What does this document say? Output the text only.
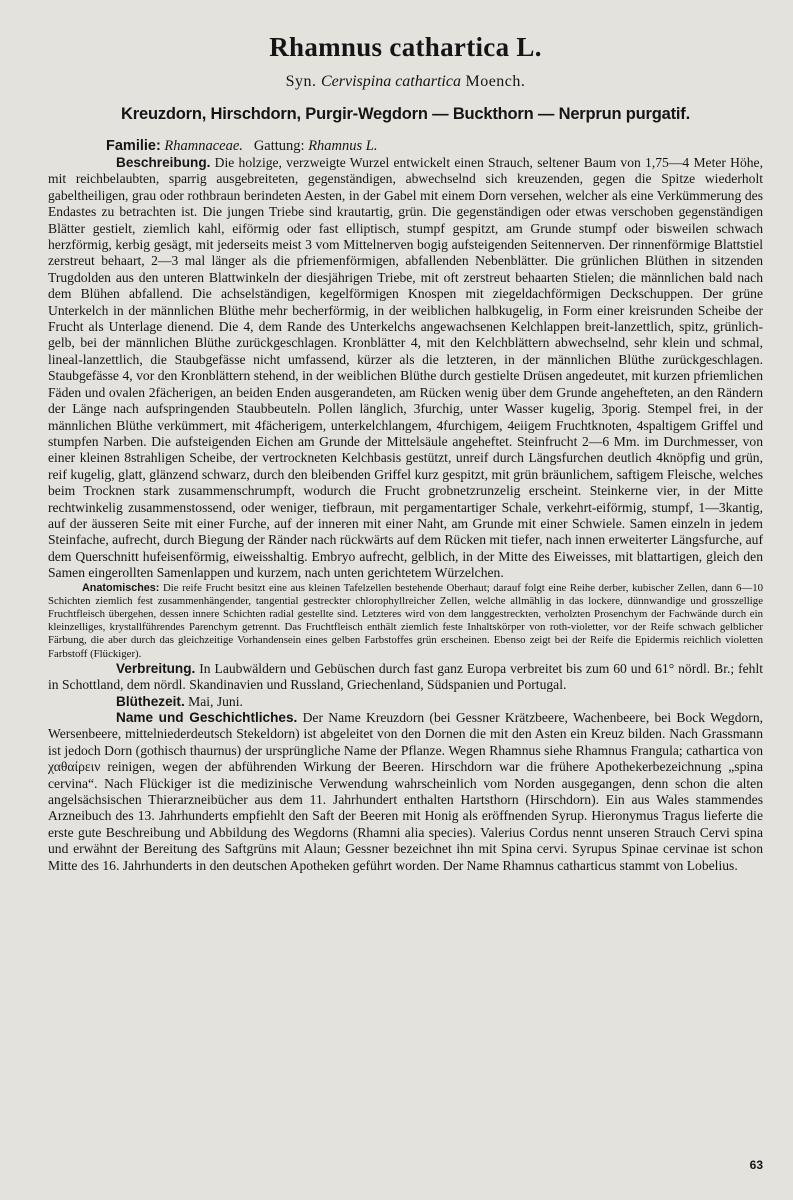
Rhamnus cathartica L.
Syn. Cervispina cathartica Moench.
Kreuzdorn, Hirschdorn, Purgir-Wegdorn — Buckthorn — Nerprun purgatif.
Familie: Rhamnaceae. Gattung: Rhamnus L.

Beschreibung. Die holzige, verzweigte Wurzel entwickelt einen Strauch, seltener Baum von 1,75—4 Meter Höhe, mit reichbelaubten, sparrig ausgebreiteten, gegenständigen, abwechselnd sich kreuzenden, gegen die Spitze wiederholt gabeltheiligen, grau oder rothbraun berindeten Aesten, in der Gabel mit einem Dorn versehen, welcher als eine Verkümmerung des Endastes zu betrachten ist. Die jungen Triebe sind krautartig, grün. Die gegenständigen oder etwas verschoben gegenständigen Blätter gestielt, ziemlich kahl, eiförmig oder fast elliptisch, stumpf gespitzt, am Grunde stumpf oder bisweilen schwach herzförmig, kerbig gesägt, mit jederseits meist 3 vom Mittelnerven bogig aufsteigenden Seitennerven. Der rinnenförmige Blattstiel zerstreut behaart, 2—3 mal länger als die pfriemenförmigen, abfallenden Nebenblätter. Die grünlichen Blüthen in sitzenden Trugdolden aus den unteren Blattwinkeln der diesjährigen Triebe, mit oft zerstreut behaarten Stielen; die männlichen bald nach dem Blühen abfallend. Die achselständigen, kegelförmigen Knospen mit ziegeldachförmigen Deckschuppen. Der grüne Unterkelch in der männlichen Blüthe mehr becherförmig, in der weiblichen halbkugelig, in Form einer kreisrunden Scheibe der Frucht als Unterlage dienend. Die 4, dem Rande des Unterkelchs angewachsenen Kelchlappen breit-lanzettlich, spitz, grünlich-gelb, bei der männlichen Blüthe zurückgeschlagen. Kronblätter 4, mit den Kelchblättern abwechselnd, sehr klein und schmal, lineal-lanzettlich, die Staubgefässe nicht umfassend, kürzer als die letzteren, in der männlichen Blüthe zurückgeschlagen. Staubgefässe 4, vor den Kronblättern stehend, in der weiblichen Blüthe durch gestielte Drüsen angedeutet, mit kurzen pfriemlichen Fäden und ovalen 2fächerigen, an beiden Enden ausgerandeten, am Rücken wenig über dem Grunde angehefteten, an den Rändern der Länge nach aufspringenden Staubbeuteln. Pollen länglich, 3furchig, unter Wasser kugelig, 3porig. Stempel frei, in der männlichen Blüthe verkümmert, mit 4fächerigem, unterkelchlangem, 4furchigem, 4eiigem Fruchtknoten, 4spaltigem Griffel und stumpfen Narben. Die aufsteigenden Eichen am Grunde der Mittelsäule angeheftet. Steinfrucht 2—6 Mm. im Durchmesser, von einer kleinen 8strahligen Scheibe, der vertrockneten Kelchbasis gestützt, unreif durch Längsfurchen deutlich 4knöpfig und grün, reif kugelig, glatt, glänzend schwarz, durch den bleibenden Griffel kurz gespitzt, mit grün bräunlichem, saftigem Fleische, welches beim Trocknen stark zusammenschrumpft, wodurch die Frucht grobnetzrunzelig erscheint. Steinkerne vier, in der Mitte rechtwinkelig zusammenstossend, oder weniger, tiefbraun, mit pergamentartiger Schale, verkehrt-eiförmig, stumpf, 1—3kantig, auf der äusseren Seite mit einer Furche, auf der inneren mit einer Naht, am Grunde mit einer Schwiele. Samen einzeln in jedem Steinfache, aufrecht, durch Biegung der Ränder nach rückwärts auf dem Rücken mit tiefer, nach innen erweiterter Längsfurche, auf dem Querschnitt hufeisenförmig, eiweisshaltig. Embryo aufrecht, gelblich, in der Mitte des Eiweisses, mit blattartigen, gleich den Samen eingerollten Samenlappen und kurzem, nach unten gerichtetem Würzelchen.

Anatomisches: Die reife Frucht besitzt eine aus kleinen Tafelzellen bestehende Oberhaut; darauf folgt eine Reihe derber, kubischer Zellen, dann 6—10 Schichten ziemlich fest zusammenhängender, tangential gestreckter chlorophyllreicher Zellen, welche allmählig in das lockere, dünnwandige und grosszellige Fruchtfleisch übergehen, dessen innere Schichten radial gestellte sind. Letzteres wird von dem langgestreckten, verholzten Prosenchym der Fachwände durch ein kleinzelliges, krystallführendes Parenchym getrennt. Das Fruchtfleisch enthält ziemlich feste Inhaltskörper von roth-violetter, vor der Reife schwach gelblicher Färbung, die aber durch das gleichzeitige Vorhandensein eines gelben Farbstoffes grün erscheinen. Ebenso zeigt bei der Reife die Epidermis reichlich violetten Farbstoff (Flückiger).

Verbreitung. In Laubwäldern und Gebüschen durch fast ganz Europa verbreitet bis zum 60 und 61° nördl. Br.; fehlt in Schottland, dem nördl. Skandinavien und Russland, Griechenland, Südspanien und Portugal.

Blüthezeit. Mai, Juni.

Name und Geschichtliches. Der Name Kreuzdorn (bei Gessner Krätzbeere, Wachenbeere, bei Bock Wegdorn, Wersenbeere, mittelniederdeutsch Stekeldorn) ist abgeleitet von den Dornen die mit den Asten ein Kreuz bilden. Nach Grassmann ist jedoch Dorn (gothisch thaurnus) der ursprüngliche Name der Pflanze. Wegen Rhamnus siehe Rhamnus Frangula; cathartica von χαθαίρειν reinigen, wegen der abführenden Wirkung der Beeren. Hirschdorn war die frühere Apothekerbezeichnung „spina cervina“. Nach Flückiger ist die medizinische Verwendung wahrscheinlich vom Norden ausgegangen, denn schon die alten angelsächsischen Thierarzneibücher aus dem 11. Jahrhundert enthalten Hartsthorn (Hirschdorn). Ein aus Wales stammendes Arzneibuch des 13. Jahrhunderts empfiehlt den Saft der Beeren mit Honig als eröffnenden Syrup. Hieronymus Tragus lieferte die erste gute Beschreibung und Abbildung des Wegdorns (Rhamni alia species). Valerius Cordus nennt unseren Strauch Cervi spina und erwähnt der Bereitung des Saftgrüns mit Alaun; Gessner bezeichnet ihn mit Spina cervi. Syrupus Spinae cervinae ist schon Mitte des 16. Jahrhunderts in den deutschen Apotheken geführt worden. Der Name Rhamnus catharticus stammt von Lobelius.

63
